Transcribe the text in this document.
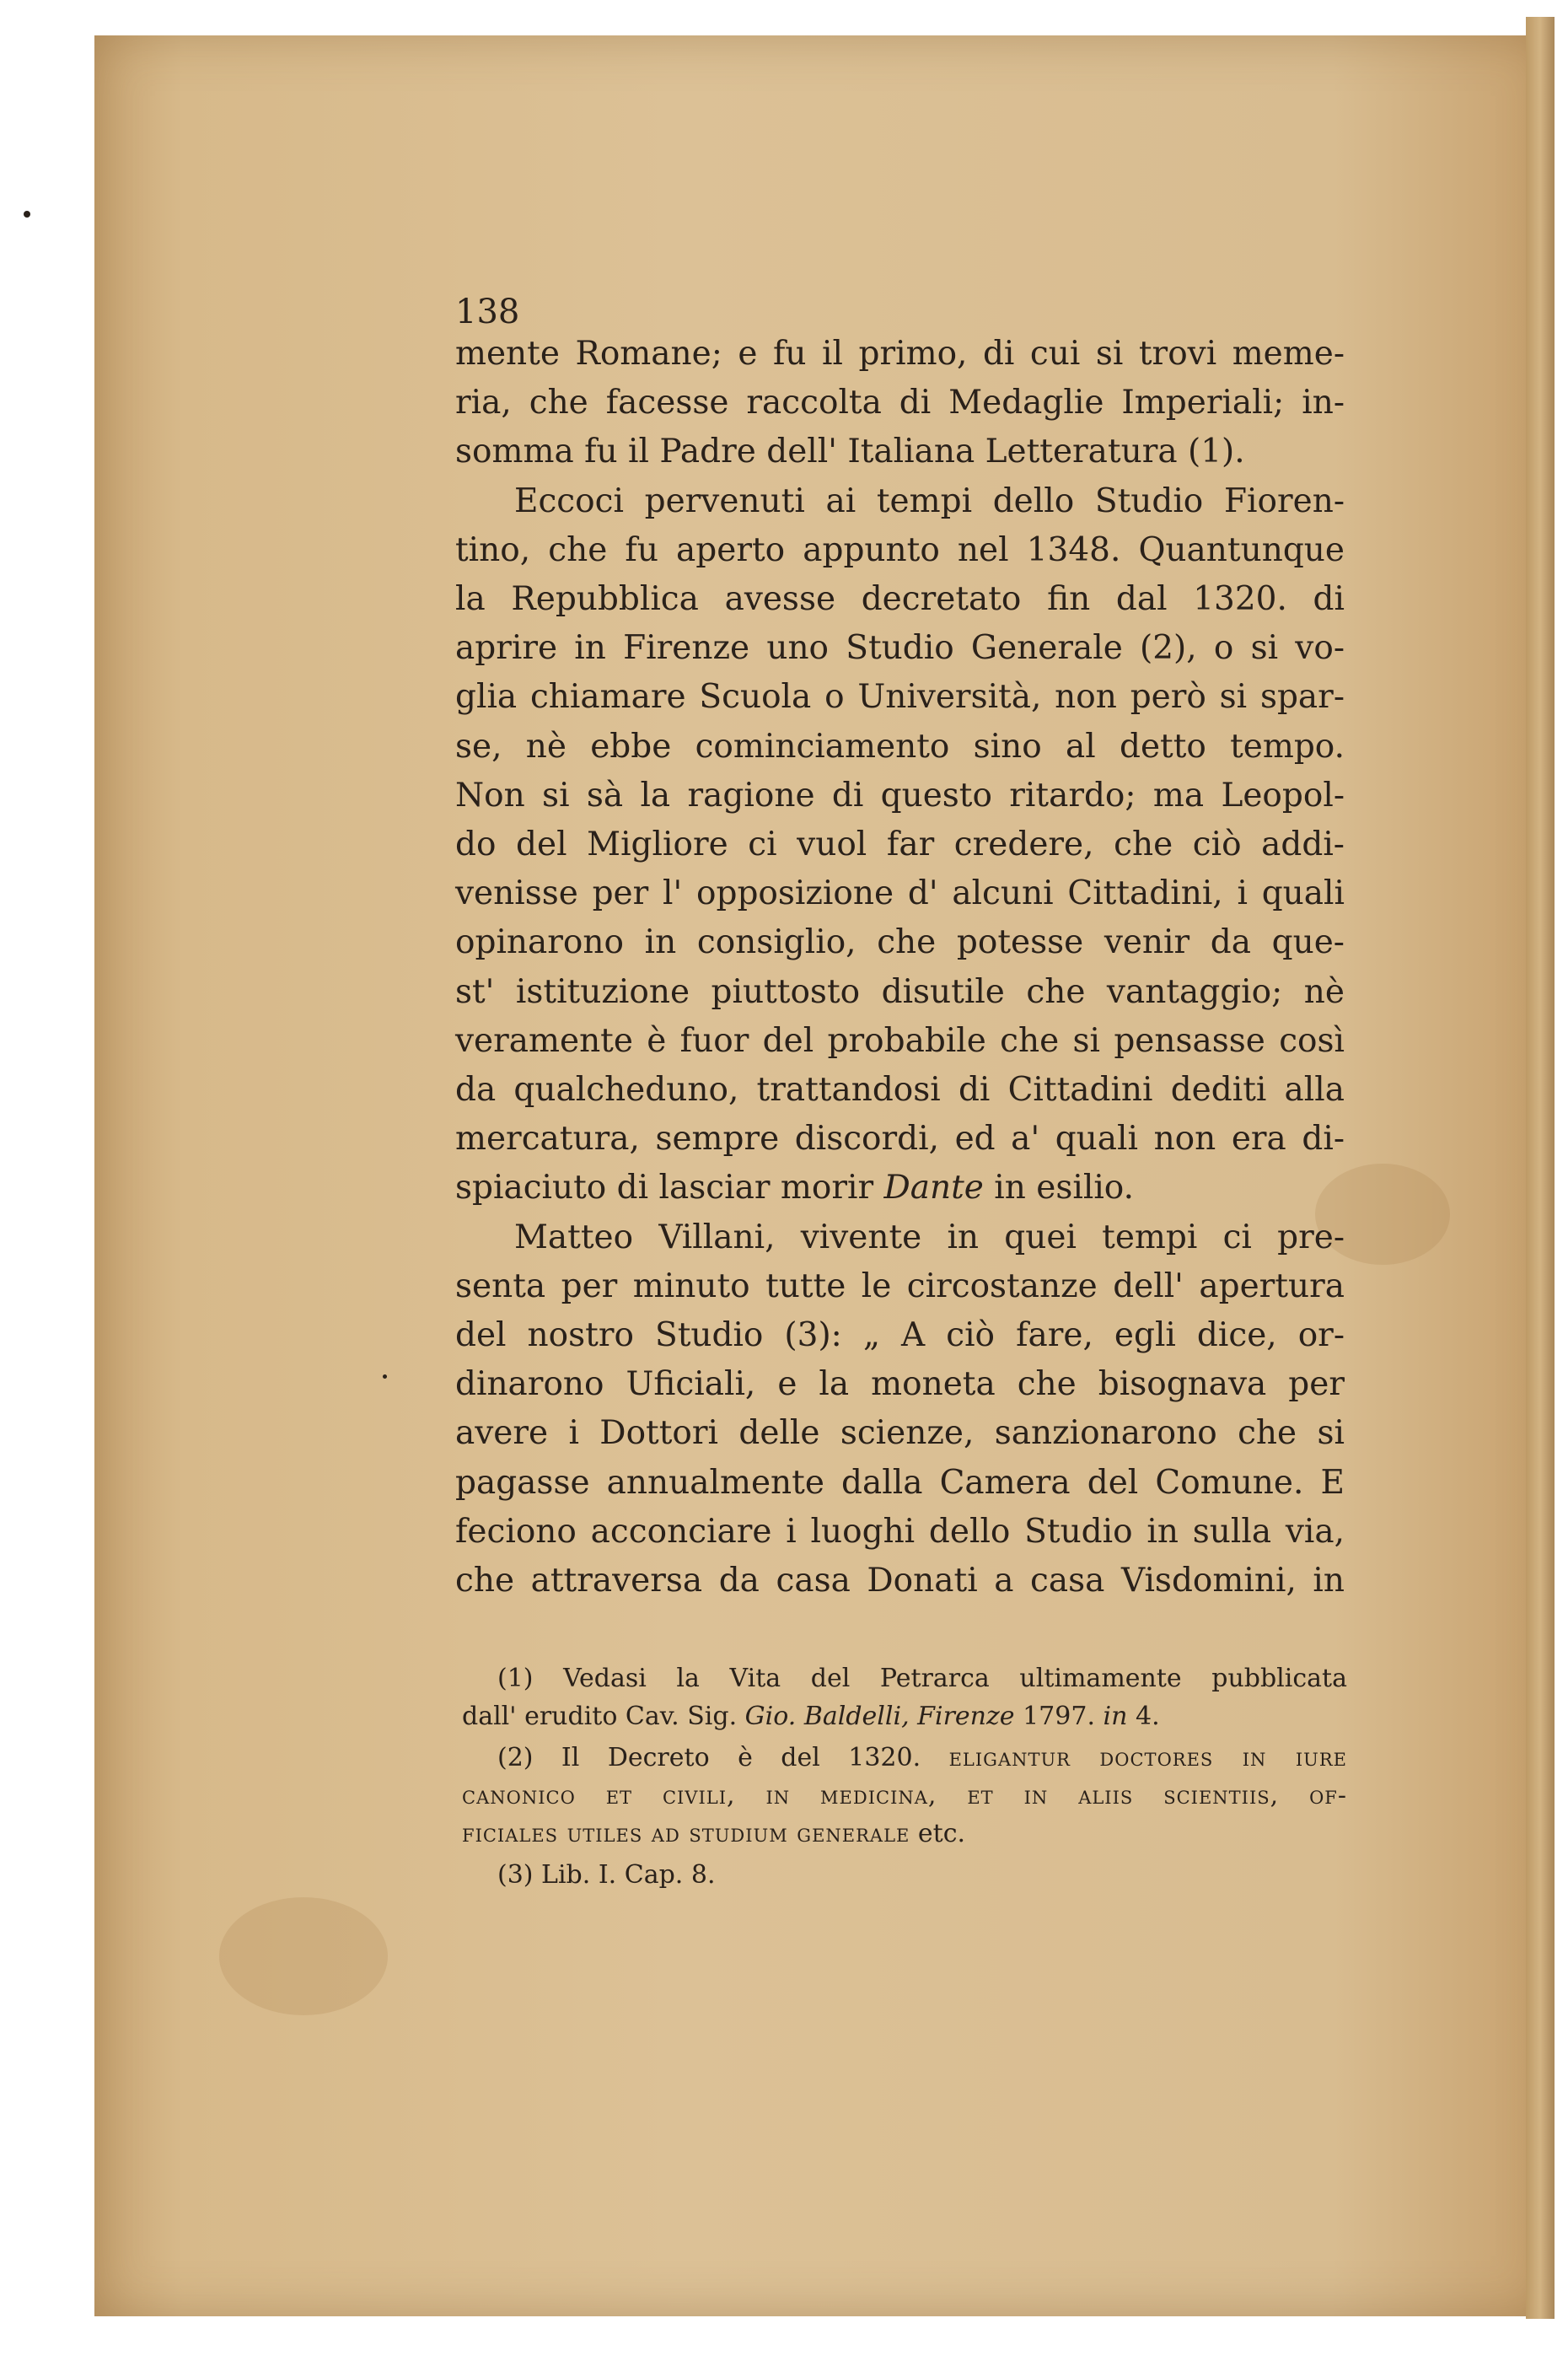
138
mente Romane; e fu il primo, di cui si trovi meme-
ria, che facesse raccolta di Medaglie Imperiali; in-
somma fu il Padre dell' Italiana Letteratura (1).
Eccoci pervenuti ai tempi dello Studio Fioren-
tino, che fu aperto appunto nel 1348. Quantunque
la Repubblica avesse decretato fin dal 1320. di
aprire in Firenze uno Studio Generale (2), o si vo-
glia chiamare Scuola o Università, non però si spar-
se, nè ebbe cominciamento sino al detto tempo.
Non si sà la ragione di questo ritardo; ma Leopol-
do del Migliore ci vuol far credere, che ciò addi-
venisse per l' opposizione d' alcuni Cittadini, i quali
opinarono in consiglio, che potesse venir da que-
st' istituzione piuttosto disutile che vantaggio; nè
veramente è fuor del probabile che si pensasse così
da qualcheduno, trattandosi di Cittadini dediti alla
mercatura, sempre discordi, ed a' quali non era di-
spiaciuto di lasciar morir Dante in esilio.
Matteo Villani, vivente in quei tempi ci pre-
senta per minuto tutte le circostanze dell' apertura
del nostro Studio (3): „ A ciò fare, egli dice, or-
dinarono Uficiali, e la moneta che bisognava per
avere i Dottori delle scienze, sanzionarono che si
pagasse annualmente dalla Camera del Comune. E
feciono acconciare i luoghi dello Studio in sulla via,
che attraversa da casa Donati a casa Visdomini, in
(1) Vedasi la Vita del Petrarca ultimamente pubblicata
dall' erudito Cav. Sig. Gio. Baldelli, Firenze 1797. in 4.
(2) Il Decreto è del 1320. eligantur doctores in iure
canonico et civili, in medicina, et in aliis scientiis, of-
ficiales utiles ad studium generale etc.
(3) Lib. I. Cap. 8.
